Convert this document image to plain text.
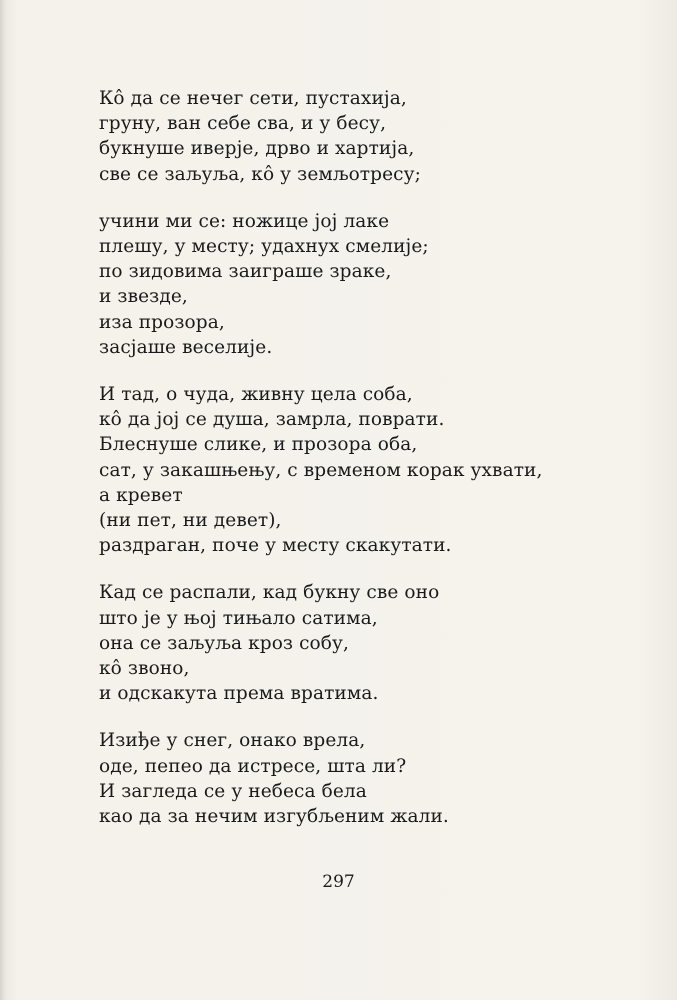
Кô да се нечег сети, пустахија,
груну, ван себе сва, и у бесу,
букнуше иверје, дрво и хартија,
све се заљуља, кô у земљотресу;
учини ми се: ножице јој лаке
плешу, у месту; удахнух смелије;
по зидовима заиграше зраке,
и звезде,
иза прозора,
засјаше веселије.
И тад, о чуда, живну цела соба,
кô да јој се душа, замрла, поврати.
Блеснуше слике, и прозора оба,
сат, у закашњењу, с временом корак ухвати,
а кревет
(ни пет, ни девет),
раздраган, поче у месту скакутати.
Кад се распали, кад букну све оно
што је у њој тињало сатима,
она се заљуља кроз собу,
кô звоно,
и одскакута према вратима.
Изиђе у снег, онако врела,
оде, пепео да истресе, шта ли?
И загледа се у небеса бела
као да за нечим изгубљеним жали.
297
